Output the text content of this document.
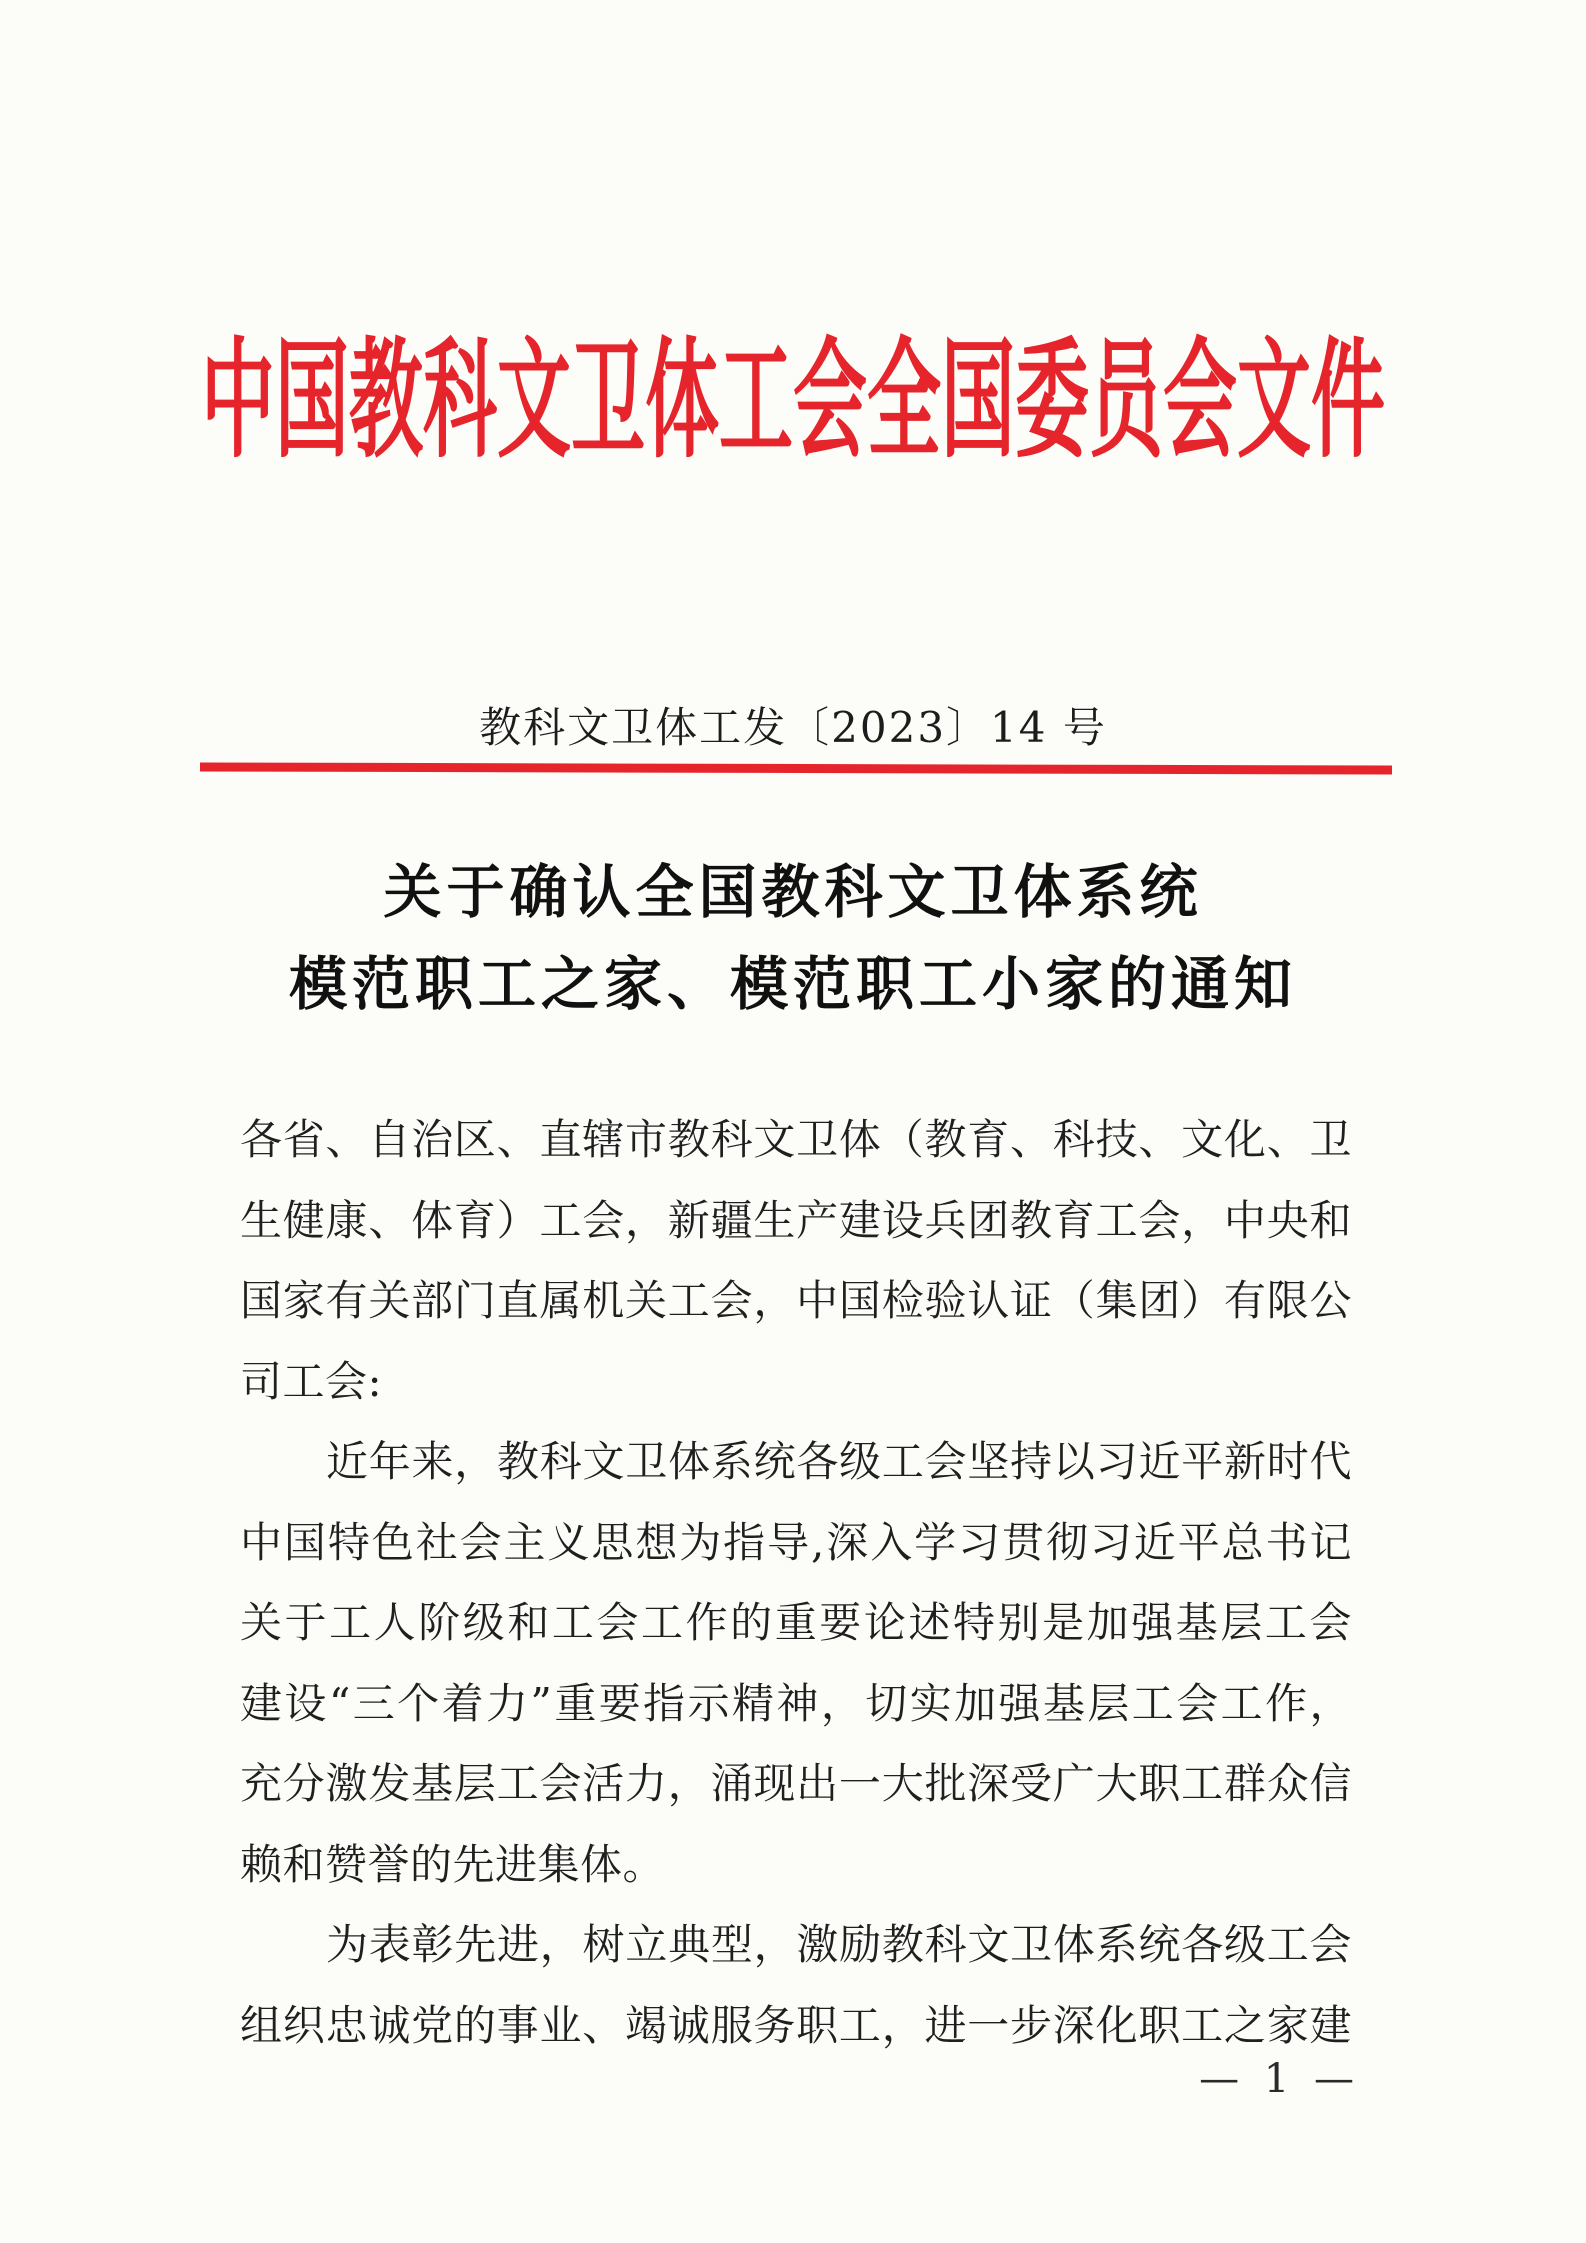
中国教科文卫体工会全国委员会文件
教科文卫体工发〔2023〕14 号
关于确认全国教科文卫体系统
模范职工之家、模范职工小家的通知
各省、自治区、直辖市教科文卫体（教育、科技、文化、卫
生健康、体育）工会，新疆生产建设兵团教育工会，中央和
国家有关部门直属机关工会，中国检验认证（集团）有限公
司工会:
近年来，教科文卫体系统各级工会坚持以习近平新时代
中国特色社会主义思想为指导,深入学习贯彻习近平总书记
关于工人阶级和工会工作的重要论述特别是加强基层工会
建设“三个着力”重要指示精神，切实加强基层工会工作，
充分激发基层工会活力，涌现出一大批深受广大职工群众信
赖和赞誉的先进集体。
为表彰先进，树立典型，激励教科文卫体系统各级工会
组织忠诚党的事业、竭诚服务职工，进一步深化职工之家建
— 1 —
